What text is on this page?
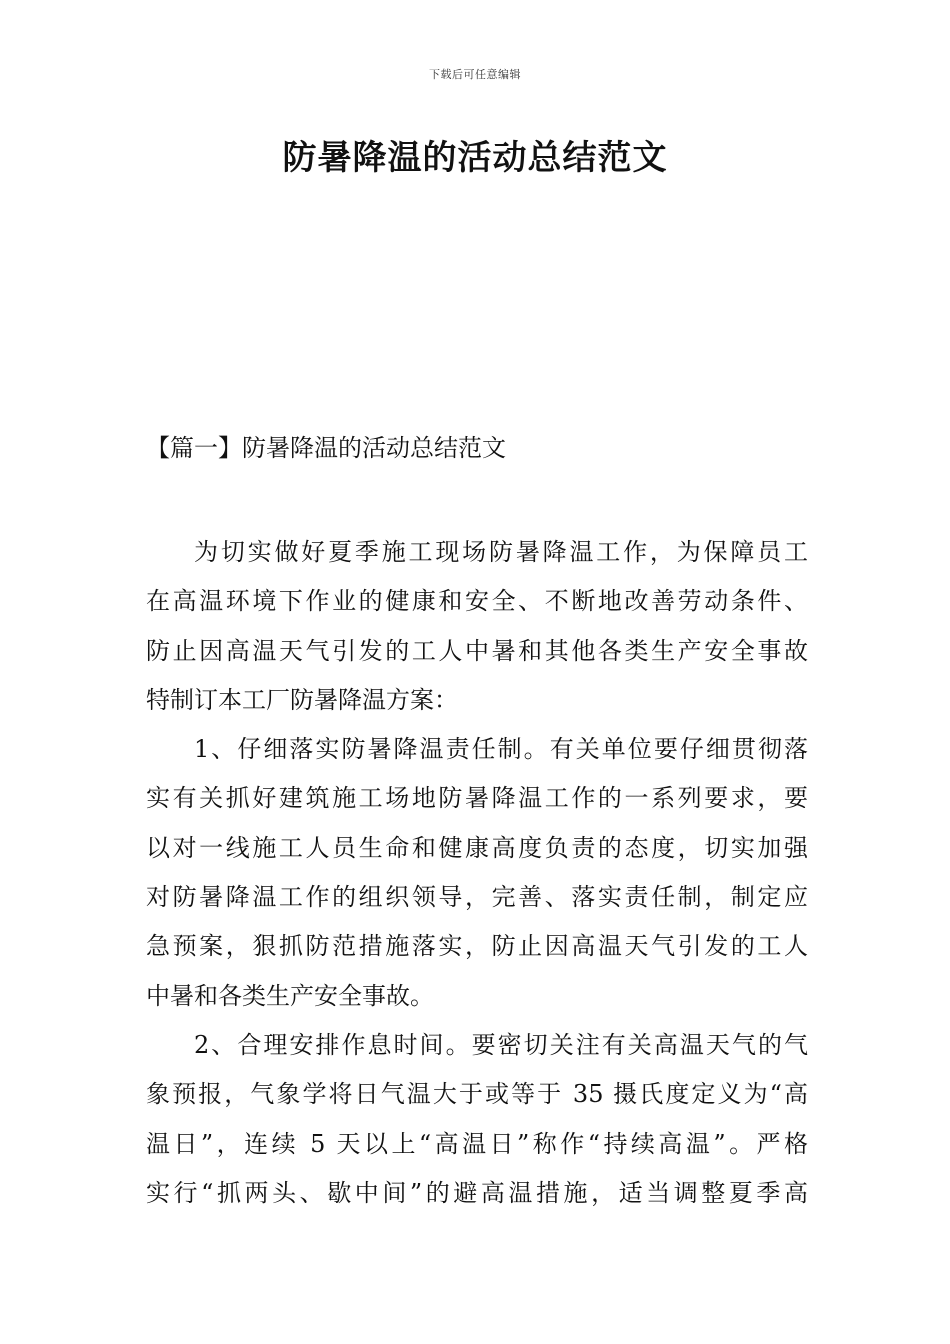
下载后可任意编辑
防暑降温的活动总结范文
【篇一】防暑降温的活动总结范文
为切实做好夏季施工现场防暑降温工作，为保障员工
在高温环境下作业的健康和安全、不断地改善劳动条件、
防止因高温天气引发的工人中暑和其他各类生产安全事故
特制订本工厂防暑降温方案：
1、仔细落实防暑降温责任制。有关单位要仔细贯彻落
实有关抓好建筑施工场地防暑降温工作的一系列要求，要
以对一线施工人员生命和健康高度负责的态度，切实加强
对防暑降温工作的组织领导，完善、落实责任制，制定应
急预案，狠抓防范措施落实，防止因高温天气引发的工人
中暑和各类生产安全事故。
2、合理安排作息时间。要密切关注有关高温天气的气
象预报，气象学将日气温大于或等于 35 摄氏度定义为“高
温日”，连续 5 天以上“高温日”称作“持续高温”。严格
实行“抓两头、歇中间”的避高温措施，适当调整夏季高
